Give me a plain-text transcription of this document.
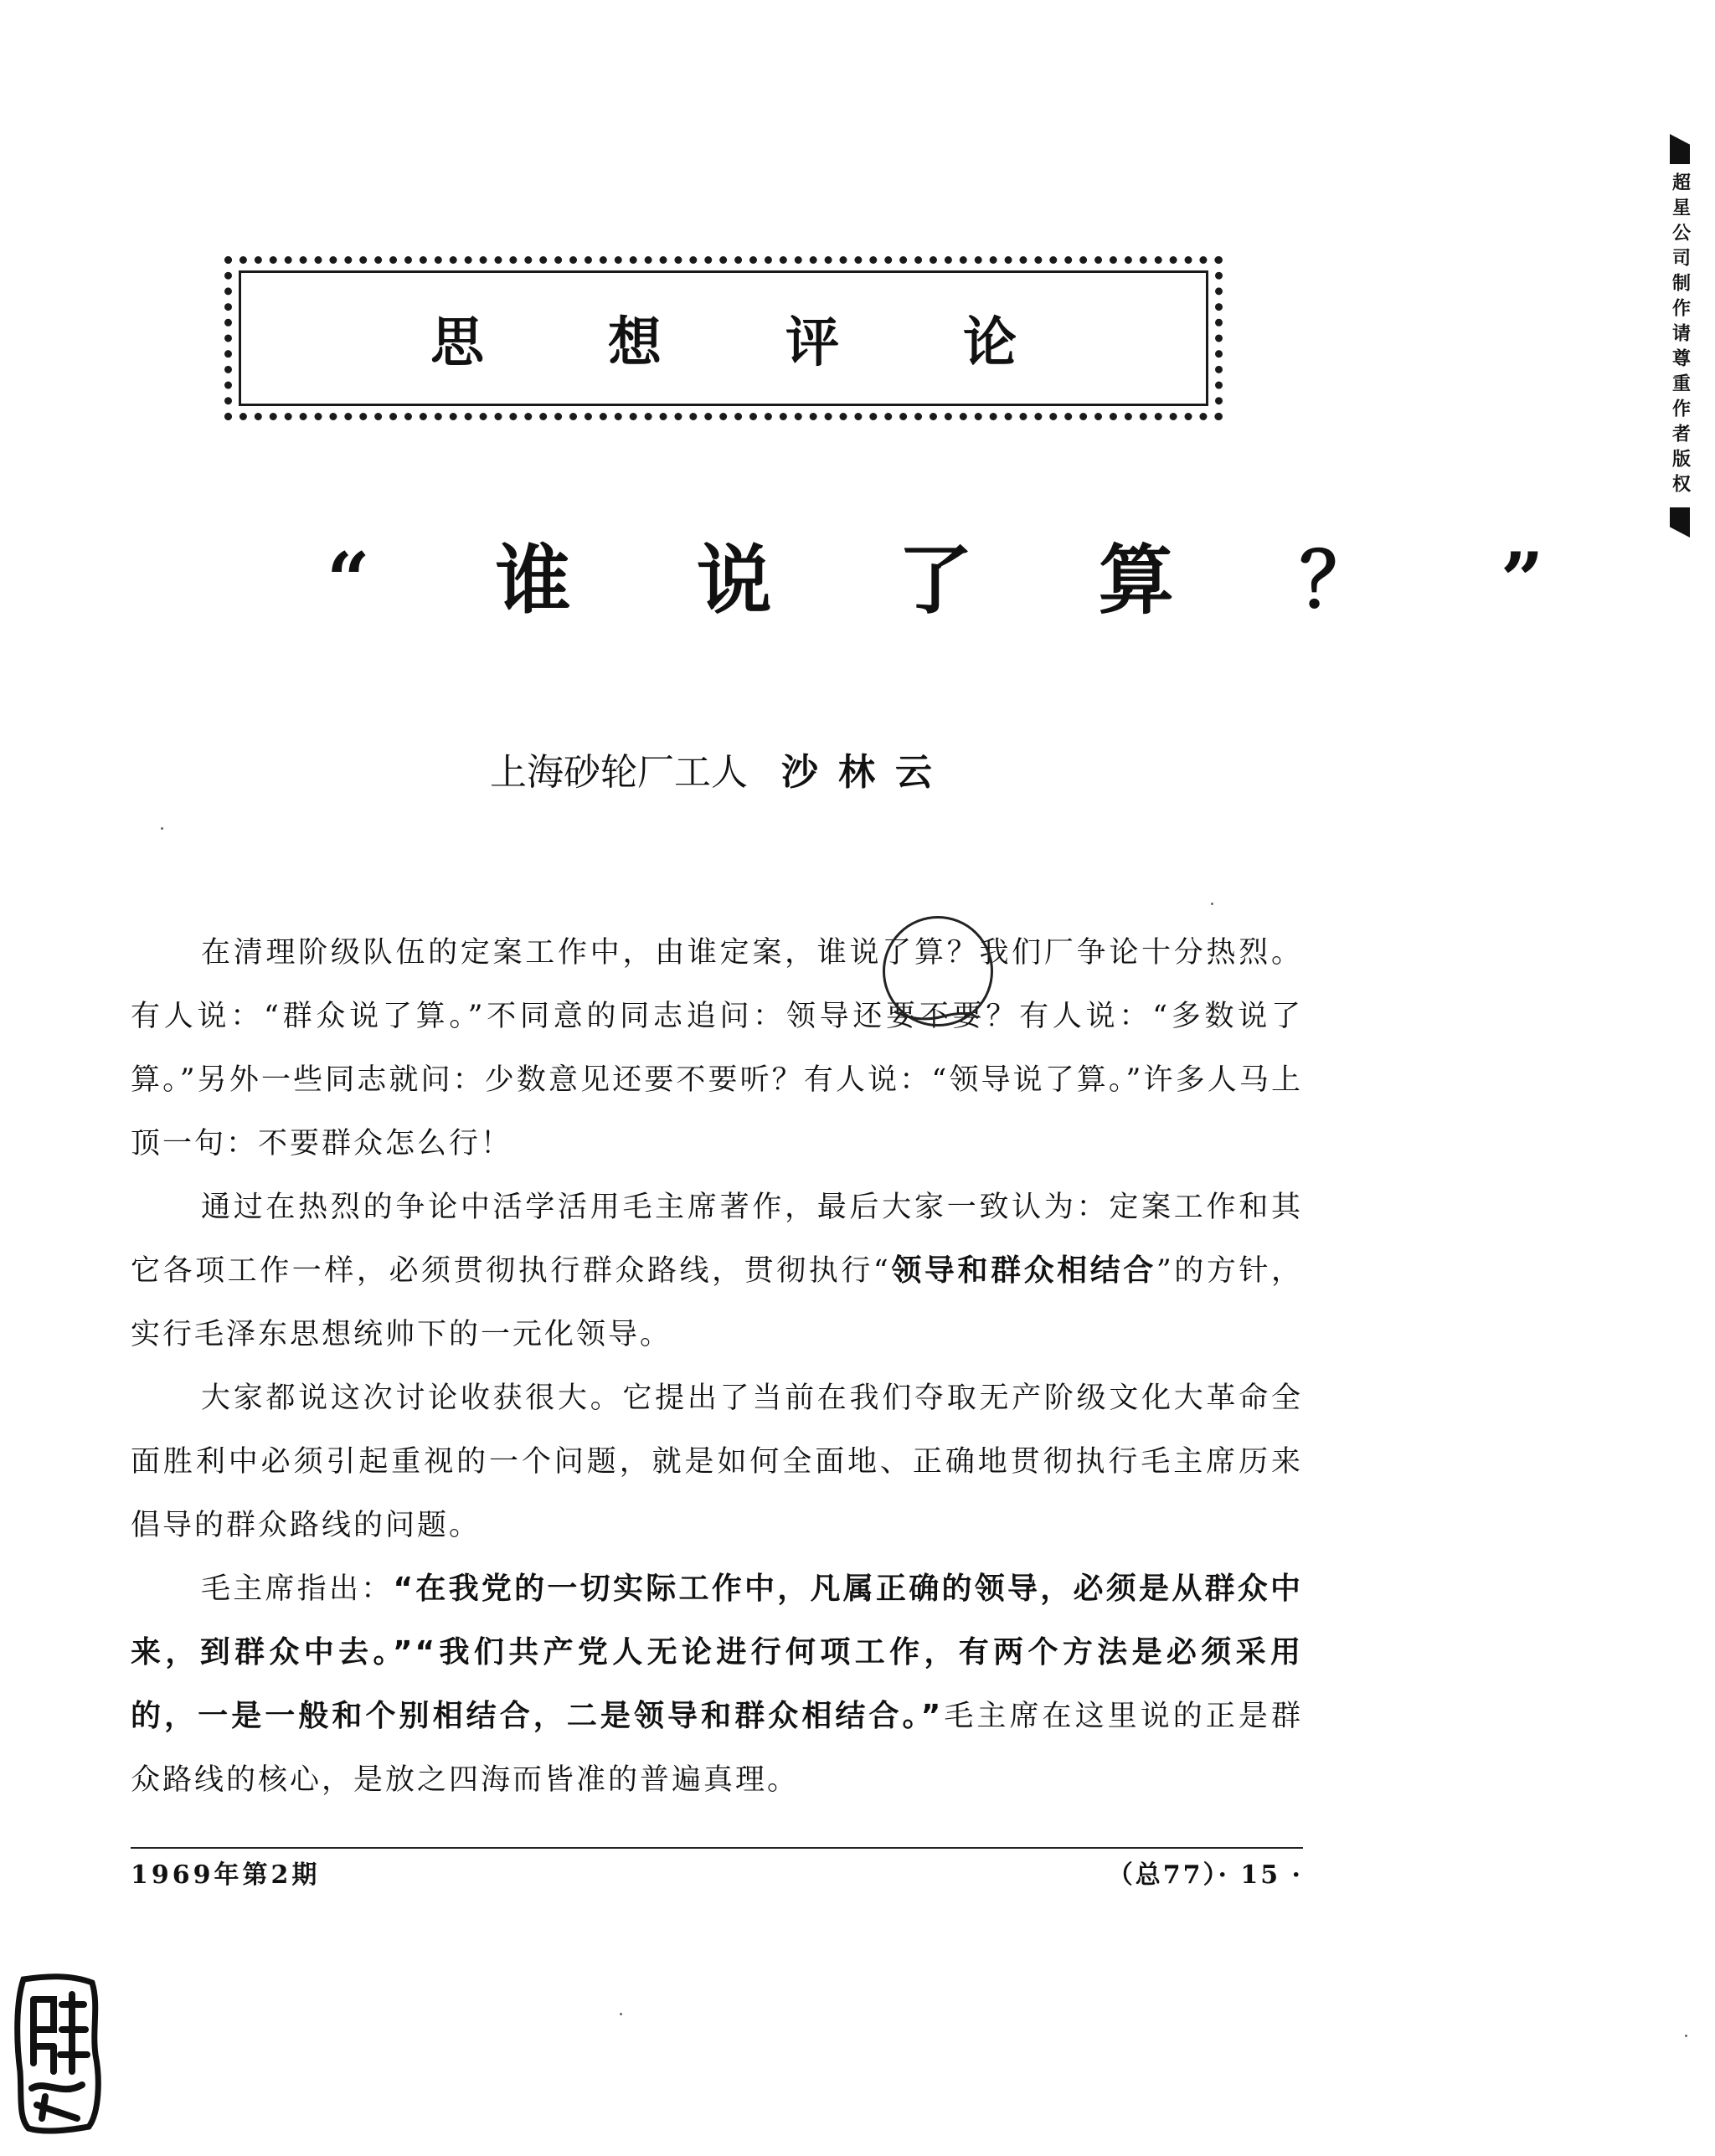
思想评论
“谁说了算？”
上海砂轮厂工人 沙林云

在清理阶级队伍的定案工作中，由谁定案，谁说了算？我们厂争论十分热烈。有人说：“群众说了算。”不同意的同志追问：领导还要不要？有人说：“多数说了算。”另外一些同志就问：少数意见还要不要听？有人说：“领导说了算。”许多人马上顶一句：不要群众怎么行！

通过在热烈的争论中活学活用毛主席著作，最后大家一致认为：定案工作和其它各项工作一样，必须贯彻执行群众路线，贯彻执行“领导和群众相结合”的方针，实行毛泽东思想统帅下的一元化领导。

大家都说这次讨论收获很大。它提出了当前在我们夺取无产阶级文化大革命全面胜利中必须引起重视的一个问题，就是如何全面地、正确地贯彻执行毛主席历来倡导的群众路线的问题。

毛主席指出：“在我党的一切实际工作中，凡属正确的领导，必须是从群众中来，到群众中去。”“我们共产党人无论进行何项工作，有两个方法是必须采用的，一是一般和个别相结合，二是领导和群众相结合。”毛主席在这里说的正是群众路线的核心，是放之四海而皆准的普遍真理。

1969年第2期	（总77）· 15 ·
超星公司制作请尊重作者版权
